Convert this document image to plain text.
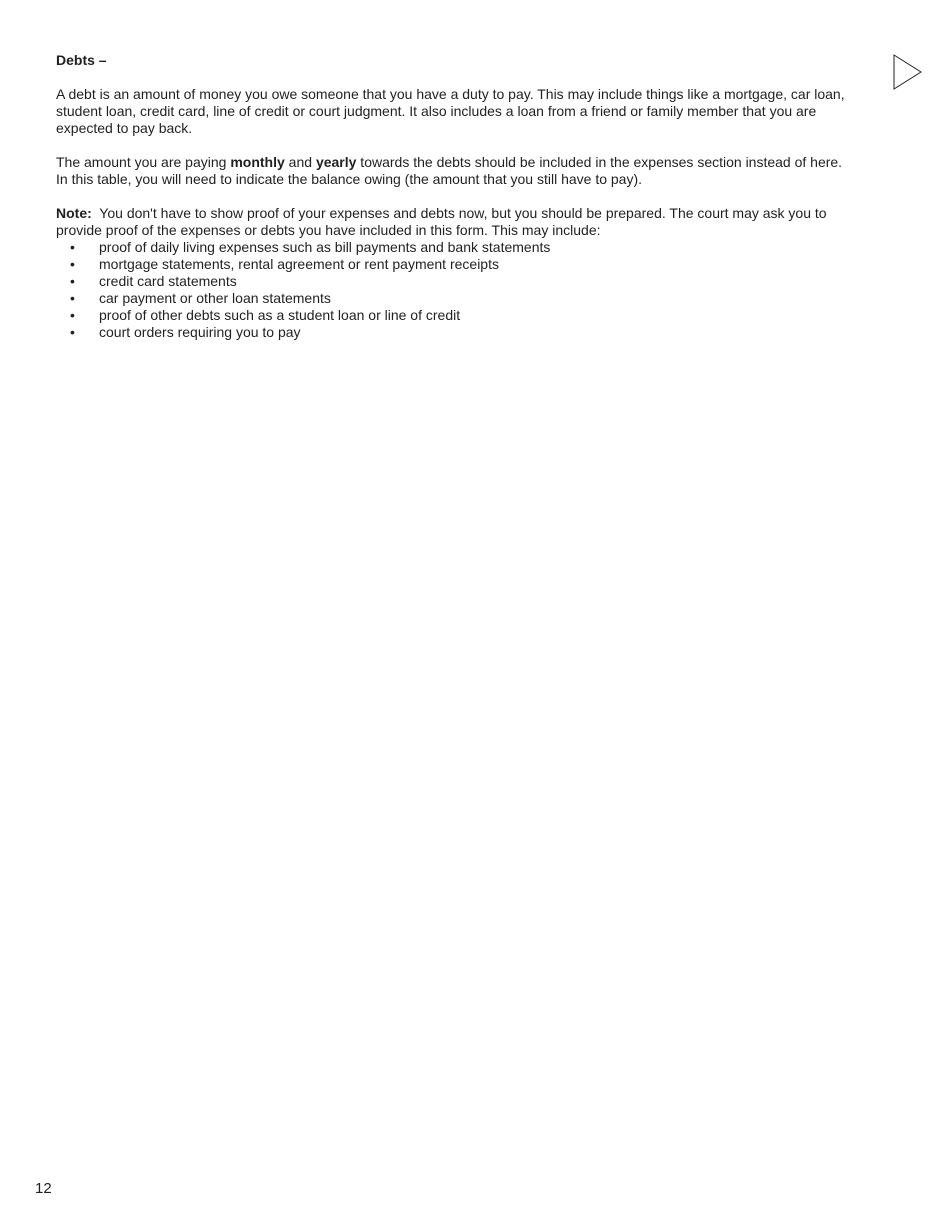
Debts –

A debt is an amount of money you owe someone that you have a duty to pay. This may include things like a mortgage, car loan, student loan, credit card, line of credit or court judgment. It also includes a loan from a friend or family member that you are expected to pay back.

The amount you are paying monthly and yearly towards the debts should be included in the expenses section instead of here. In this table, you will need to indicate the balance owing (the amount that you still have to pay).

Note:  You don't have to show proof of your expenses and debts now, but you should be prepared. The court may ask you to provide proof of the expenses or debts you have included in this form. This may include:

• proof of daily living expenses such as bill payments and bank statements
• mortgage statements, rental agreement or rent payment receipts
• credit card statements
• car payment or other loan statements
• proof of other debts such as a student loan or line of credit
• court orders requiring you to pay
12
